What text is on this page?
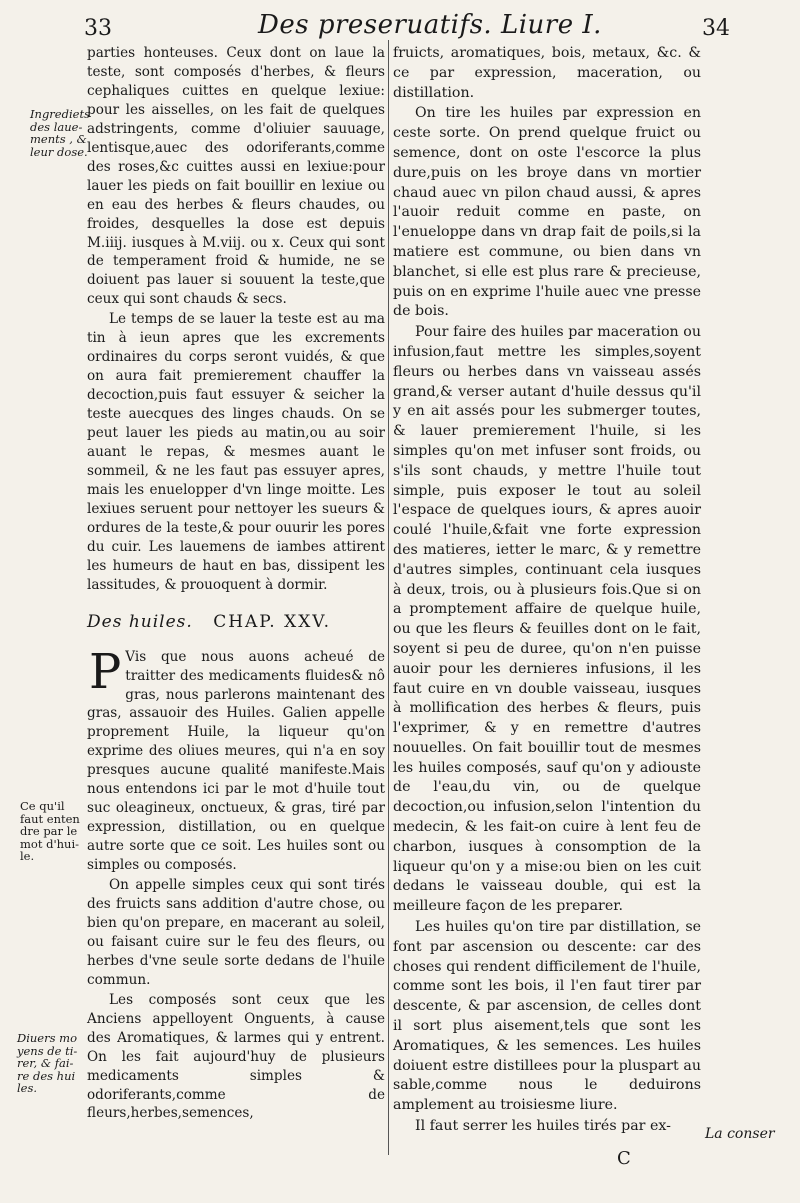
33	Des preseruatifs. Liure I.	34
Ingrediets
des laue-
ments , &
leur dose.
Ce qu'il
faut enten
dre par le
mot d'hui-
le.
Diuers mo
yens de ti-
rer, & fai-
re des hui
les.

parties honteuses. Ceux dont on laue la teste, sont composés d'herbes, & fleurs cephaliques cuittes en quelque lexiue: pour les aisselles, on les fait de quelques adstringents, comme d'oliuier sauuage, lentisque,auec des odoriferants,comme des roses,&c cuittes aussi en lexiue:pour lauer les pieds on fait bouillir en lexiue ou en eau des herbes & fleurs chaudes, ou froides, desquelles la dose est depuis M.iiij. iusques à M.viij. ou x. Ceux qui sont de temperament froid & humide, ne se doiuent pas lauer si souuent la teste,que ceux qui sont chauds & secs.

Le temps de se lauer la teste est au ma tin à ieun apres que les excrements ordinaires du corps seront vuidés, & que on aura fait premierement chauffer la decoction,puis faut essuyer & seicher la teste auecques des linges chauds. On se peut lauer les pieds au matin,ou au soir auant le repas, & mesmes auant le sommeil, & ne les faut pas essuyer apres, mais les enuelopper d'vn linge moitte. Les lexiues seruent pour nettoyer les sueurs & ordures de la teste,& pour ouurir les pores du cuir. Les lauemens de iambes attirent les humeurs de haut en bas, dissipent les lassitudes, & prouoquent à dormir.

Des huiles. CHAP. XXV.

P Vis que nous auons acheué de traitter des medicaments fluides& nô gras, nous parlerons maintenant des gras, assauoir des Huiles. Galien appelle proprement Huile, la liqueur qu'on exprime des oliues meures, qui n'a en soy presques aucune qualité manifeste.Mais nous entendons ici par le mot d'huile tout suc oleagineux, onctueux, & gras, tiré par expression, distillation, ou en quelque autre sorte que ce soit. Les huiles sont ou simples ou composés.

On appelle simples ceux qui sont tirés des fruicts sans addition d'autre chose, ou bien qu'on prepare, en macerant au soleil, ou faisant cuire sur le feu des fleurs, ou herbes d'vne seule sorte dedans de l'huile commun.

Les composés sont ceux que les Anciens appelloyent Onguents, à cause des Aromatiques, & larmes qui y entrent. On les fait aujourd'huy de plusieurs medicaments simples & odoriferants,comme de fleurs,herbes,semences,

fruicts, aromatiques, bois, metaux, &c. & ce par expression, maceration, ou distillation.

On tire les huiles par expression en ceste sorte. On prend quelque fruict ou semence, dont on oste l'escorce la plus dure,puis on les broye dans vn mortier chaud auec vn pilon chaud aussi, & apres l'auoir reduit comme en paste, on l'enueloppe dans vn drap fait de poils,si la matiere est commune, ou bien dans vn blanchet, si elle est plus rare & precieuse, puis on en exprime l'huile auec vne presse de bois.

Pour faire des huiles par maceration ou infusion,faut mettre les simples,soyent fleurs ou herbes dans vn vaisseau assés grand,& verser autant d'huile dessus qu'il y en ait assés pour les submerger toutes, & lauer premierement l'huile, si les simples qu'on met infuser sont froids, ou s'ils sont chauds, y mettre l'huile tout simple, puis exposer le tout au soleil l'espace de quelques iours, & apres auoir coulé l'huile,&fait vne forte expression des matieres, ietter le marc, & y remettre d'autres simples, continuant cela iusques à deux, trois, ou à plusieurs fois.Que si on a promptement affaire de quelque huile, ou que les fleurs & feuilles dont on le fait, soyent si peu de duree, qu'on n'en puisse auoir pour les dernieres infusions, il les faut cuire en vn double vaisseau, iusques à mollification des herbes & fleurs, puis l'exprimer, & y en remettre d'autres nouuelles. On fait bouillir tout de mesmes les huiles composés, sauf qu'on y adiouste de l'eau,du vin, ou de quelque decoction,ou infusion,selon l'intention du medecin, & les fait-on cuire à lent feu de charbon, iusques à consomption de la liqueur qu'on y a mise:ou bien on les cuit dedans le vaisseau double, qui est la meilleure façon de les preparer.

Les huiles qu'on tire par distillation, se font par ascension ou descente: car des choses qui rendent difficilement de l'huile, comme sont les bois, il l'en faut tirer par descente, & par ascension, de celles dont il sort plus aisement,tels que sont les Aromatiques, & les semences. Les huiles doiuent estre distillees pour la pluspart au sable,comme nous le deduirons amplement au troisiesme liure.

Il faut serrer les huiles tirés par ex-	La conser
C
